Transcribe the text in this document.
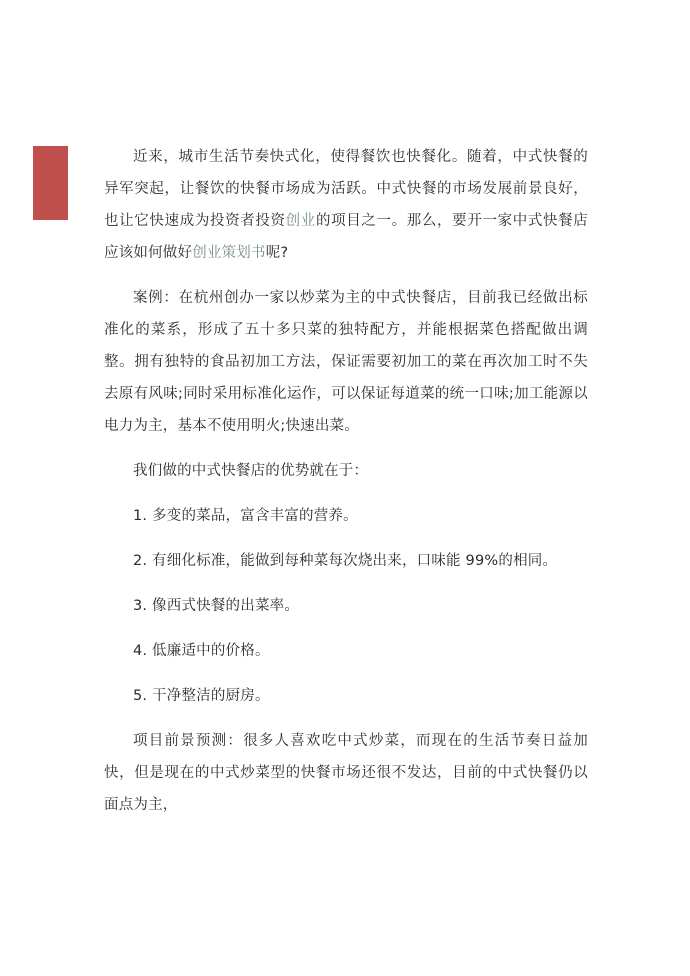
近来，城市生活节奏快式化，使得餐饮也快餐化。随着，中式快餐的异军突起，让餐饮的快餐市场成为活跃。中式快餐的市场发展前景良好，也让它快速成为投资者投资创业的项目之一。那么，要开一家中式快餐店应该如何做好创业策划书呢?

案例：在杭州创办一家以炒菜为主的中式快餐店，目前我已经做出标准化的菜系，形成了五十多只菜的独特配方，并能根据菜色搭配做出调整。拥有独特的食品初加工方法，保证需要初加工的菜在再次加工时不失去原有风味;同时采用标准化运作，可以保证每道菜的统一口味;加工能源以电力为主，基本不使用明火;快速出菜。

我们做的中式快餐店的优势就在于：

1. 多变的菜品，富含丰富的营养。

2. 有细化标准，能做到每种菜每次烧出来，口味能 99%的相同。

3. 像西式快餐的出菜率。

4. 低廉适中的价格。

5. 干净整洁的厨房。

项目前景预测：很多人喜欢吃中式炒菜，而现在的生活节奏日益加快，但是现在的中式炒菜型的快餐市场还很不发达，目前的中式快餐仍以面点为主，
